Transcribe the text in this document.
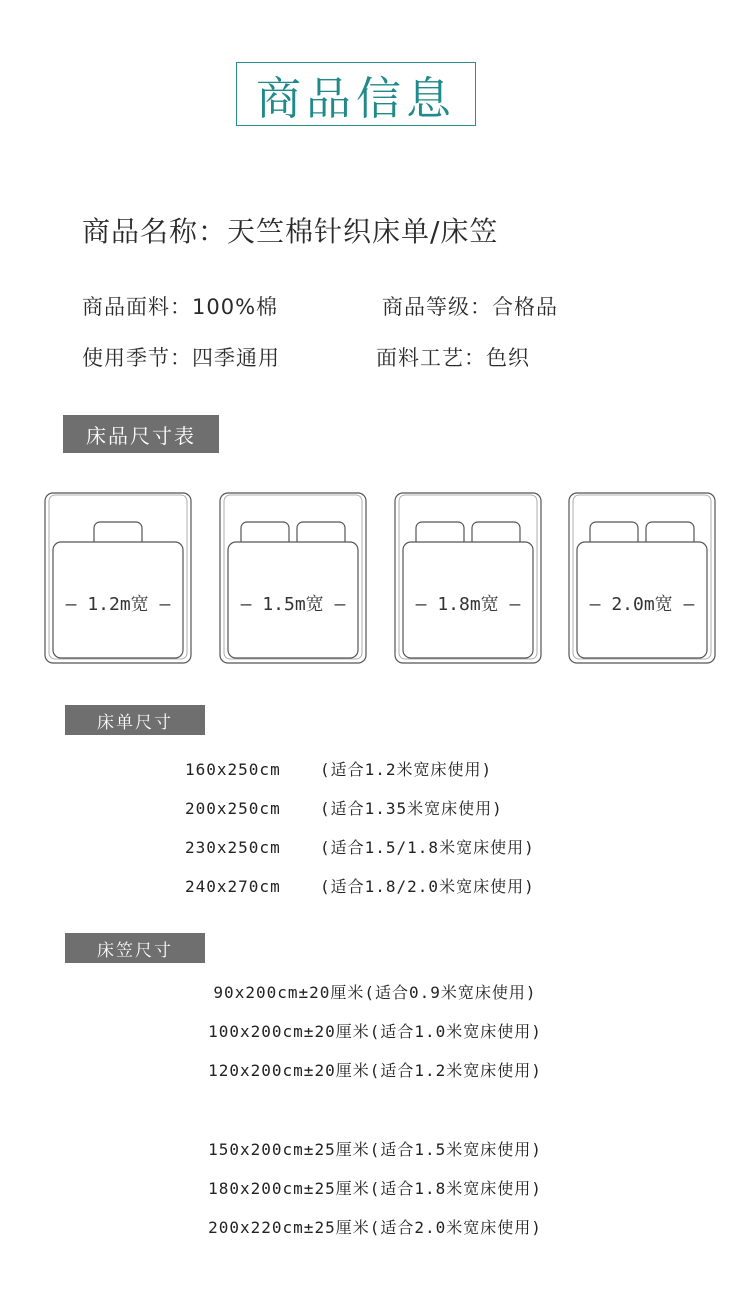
商品信息
商品名称：天竺棉针织床单/床笠
商品面料：100%棉	商品等级：合格品
使用季节：四季通用	面料工艺：色织
床品尺寸表
— 1.2m宽 —	— 1.5m宽 —	— 1.8m宽 —	— 2.0m宽 —
床单尺寸
160x250cm (适合1.2米宽床使用)
200x250cm (适合1.35米宽床使用)
230x250cm (适合1.5/1.8米宽床使用)
240x270cm (适合1.8/2.0米宽床使用)
床笠尺寸
90x200cm±20厘米(适合0.9米宽床使用)
100x200cm±20厘米(适合1.0米宽床使用)
120x200cm±20厘米(适合1.2米宽床使用)
150x200cm±25厘米(适合1.5米宽床使用)
180x200cm±25厘米(适合1.8米宽床使用)
200x220cm±25厘米(适合2.0米宽床使用)
